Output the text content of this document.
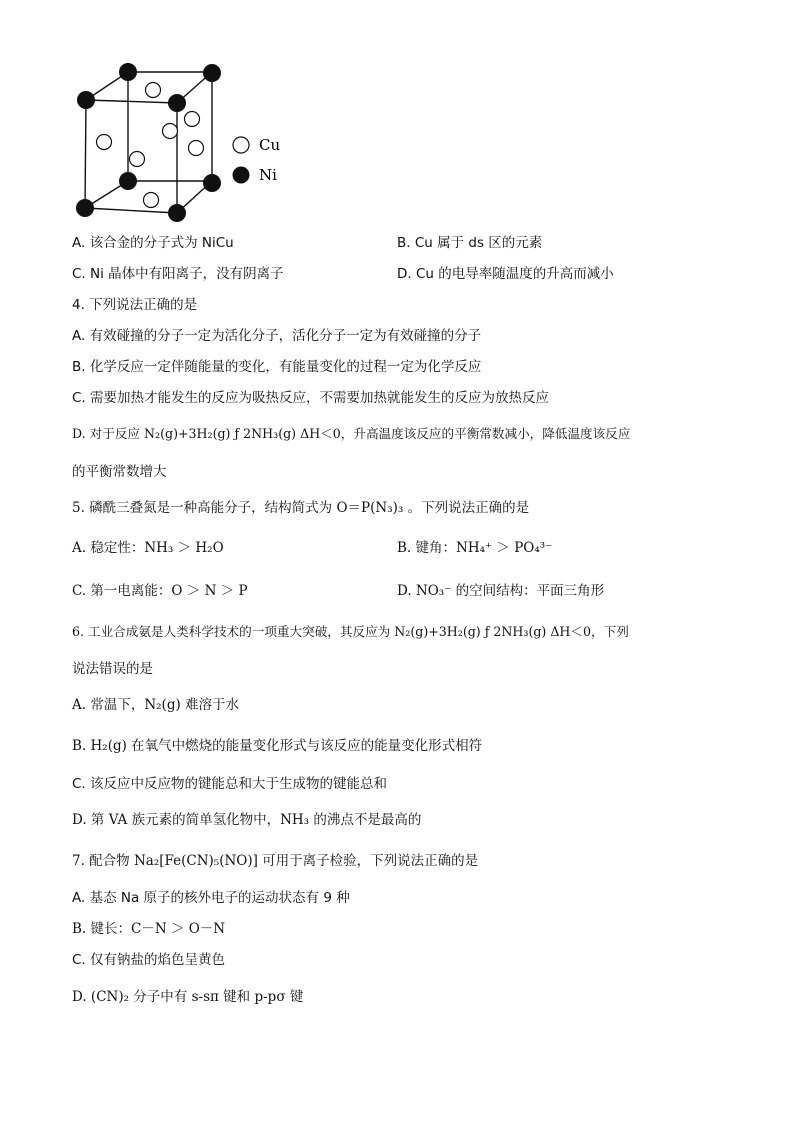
Cu
Ni
A. 该合金的分子式为 NiCu	B. Cu 属于 ds 区的元素
C. Ni 晶体中有阳离子，没有阴离子	D. Cu 的电导率随温度的升高而减小
4. 下列说法正确的是
A. 有效碰撞的分子一定为活化分子，活化分子一定为有效碰撞的分子
B. 化学反应一定伴随能量的变化，有能量变化的过程一定为化学反应
C. 需要加热才能发生的反应为吸热反应，不需要加热就能发生的反应为放热反应
D. 对于反应 N₂(g)+3H₂(g) ƒ 2NH₃(g) ΔH＜0，升高温度该反应的平衡常数减小，降低温度该反应
的平衡常数增大
5. 磷酰三叠氮是一种高能分子，结构简式为 O＝P(N₃)₃ 。下列说法正确的是
A. 稳定性：NH₃ ＞ H₂O	B. 键角：NH₄⁺ ＞ PO₄³⁻
C. 第一电离能：O ＞ N ＞ P	D. NO₃⁻ 的空间结构：平面三角形
6. 工业合成氨是人类科学技术的一项重大突破，其反应为 N₂(g)+3H₂(g) ƒ 2NH₃(g) ΔH＜0，下列
说法错误的是
A. 常温下，N₂(g) 难溶于水
B. H₂(g) 在氧气中燃烧的能量变化形式与该反应的能量变化形式相符
C. 该反应中反应物的键能总和大于生成物的键能总和
D. 第 VA 族元素的简单氢化物中，NH₃ 的沸点不是最高的
7. 配合物 Na₂[Fe(CN)₅(NO)] 可用于离子检验，下列说法正确的是
A. 基态 Na 原子的核外电子的运动状态有 9 种
B. 键长：C－N ＞ O－N
C. 仅有钠盐的焰色呈黄色
D. (CN)₂ 分子中有 s-sπ 键和 p-pσ 键
